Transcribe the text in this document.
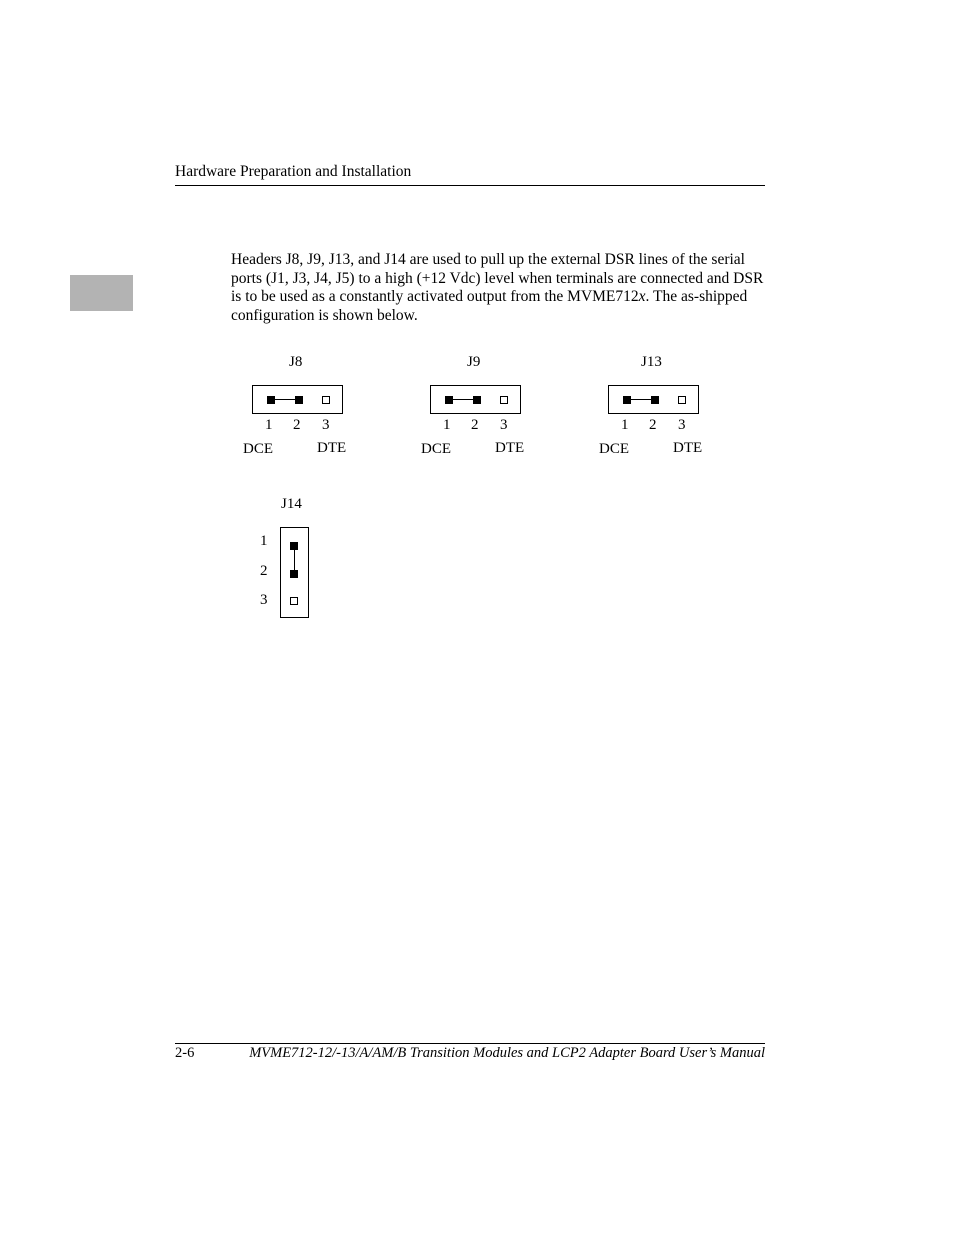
Hardware Preparation and Installation
Headers J8, J9, J13, and J14 are used to pull up the external DSR lines of the serial ports (J1, J3, J4, J5) to a high (+12 Vdc) level when terminals are connected and DSR is to be used as a constantly activated output from the MVME712x. The as-shipped configuration is shown below.
J8
1 2 3
DCE	DTE
J9
1 2 3
DCE	DTE
J13
1 2 3
DCE	DTE
J14
1
2
3
2-6	MVME712-12/-13/A/AM/B Transition Modules and LCP2 Adapter Board User’s Manual
